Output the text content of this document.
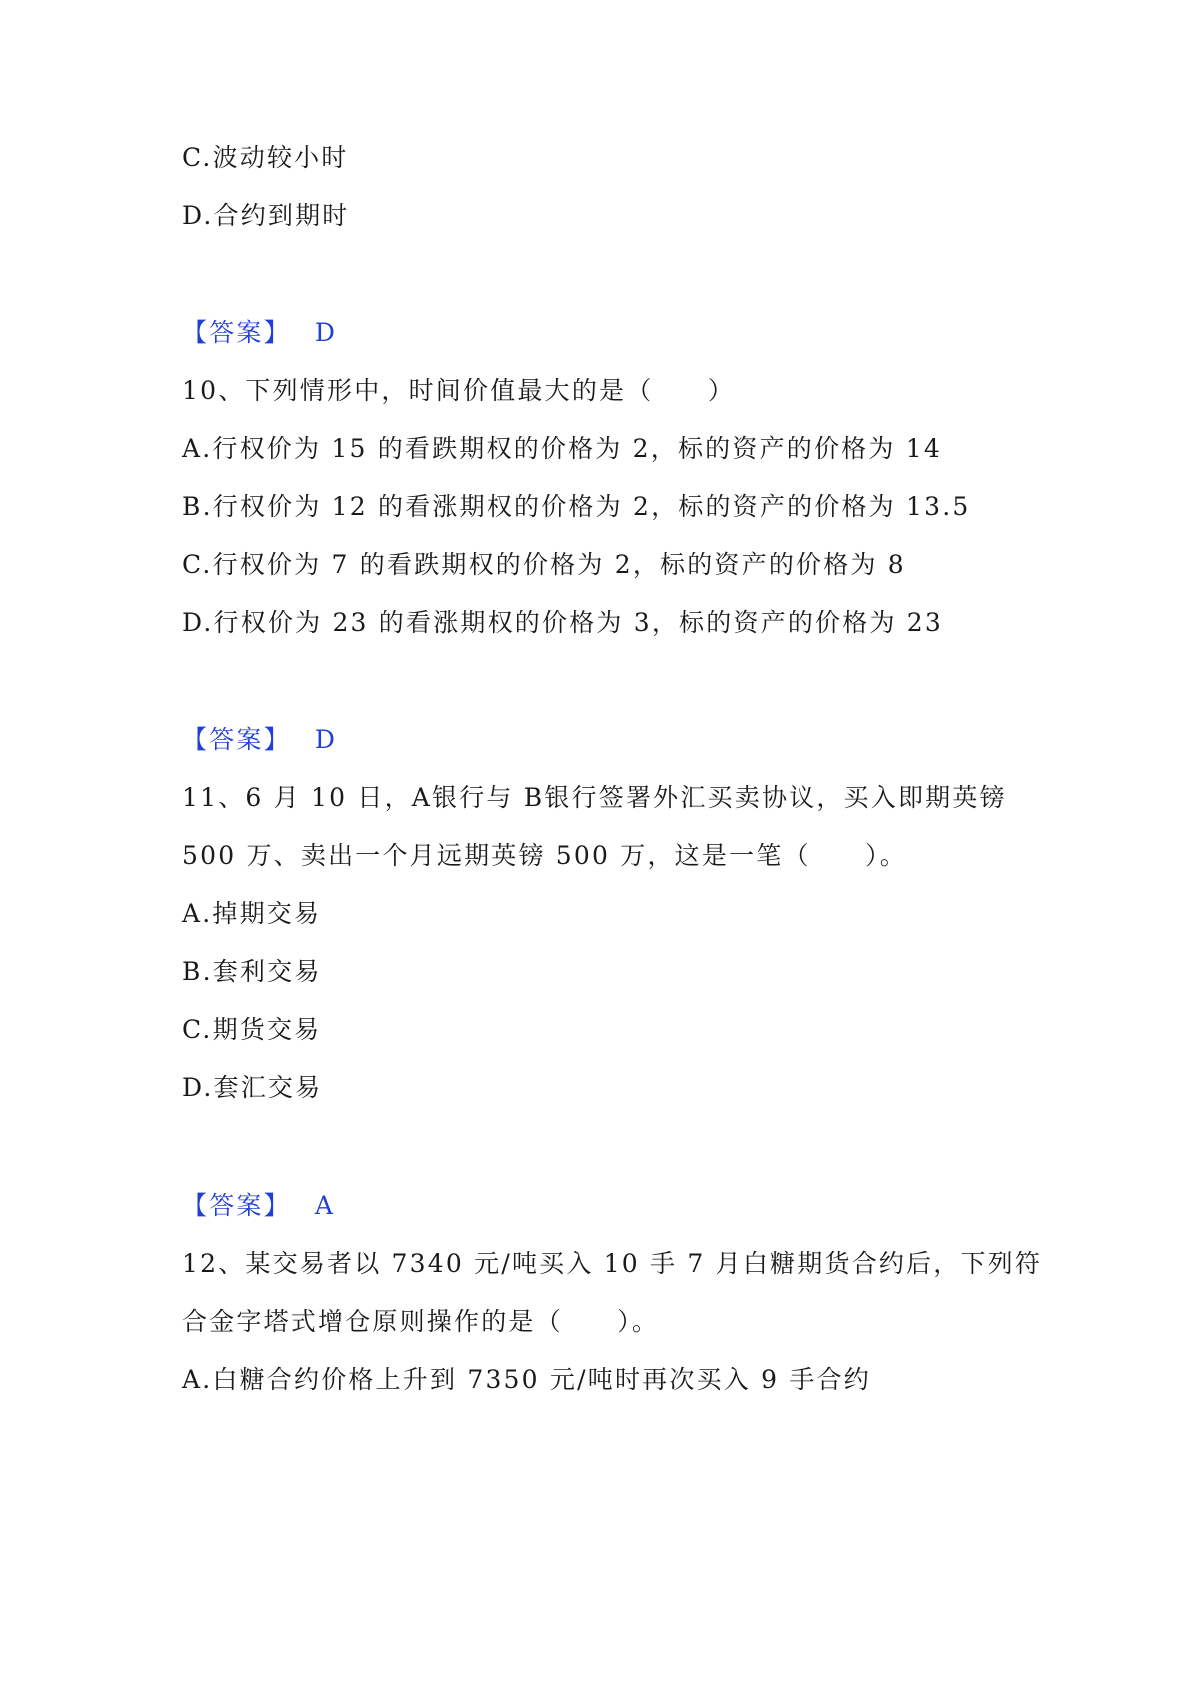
C.波动较小时
D.合约到期时
【答案】 D
10、下列情形中，时间价值最大的是（　　）
A.行权价为 15 的看跌期权的价格为 2，标的资产的价格为 14
B.行权价为 12 的看涨期权的价格为 2，标的资产的价格为 13.5
C.行权价为 7 的看跌期权的价格为 2，标的资产的价格为 8
D.行权价为 23 的看涨期权的价格为 3，标的资产的价格为 23
【答案】 D
11、6 月 10 日，A银行与 B银行签署外汇买卖协议，买入即期英镑
500 万、卖出一个月远期英镑 500 万，这是一笔（　　）。
A.掉期交易
B.套利交易
C.期货交易
D.套汇交易
【答案】 A
12、某交易者以 7340 元/吨买入 10 手 7 月白糖期货合约后，下列符
合金字塔式增仓原则操作的是（　　）。
A.白糖合约价格上升到 7350 元/吨时再次买入 9 手合约
